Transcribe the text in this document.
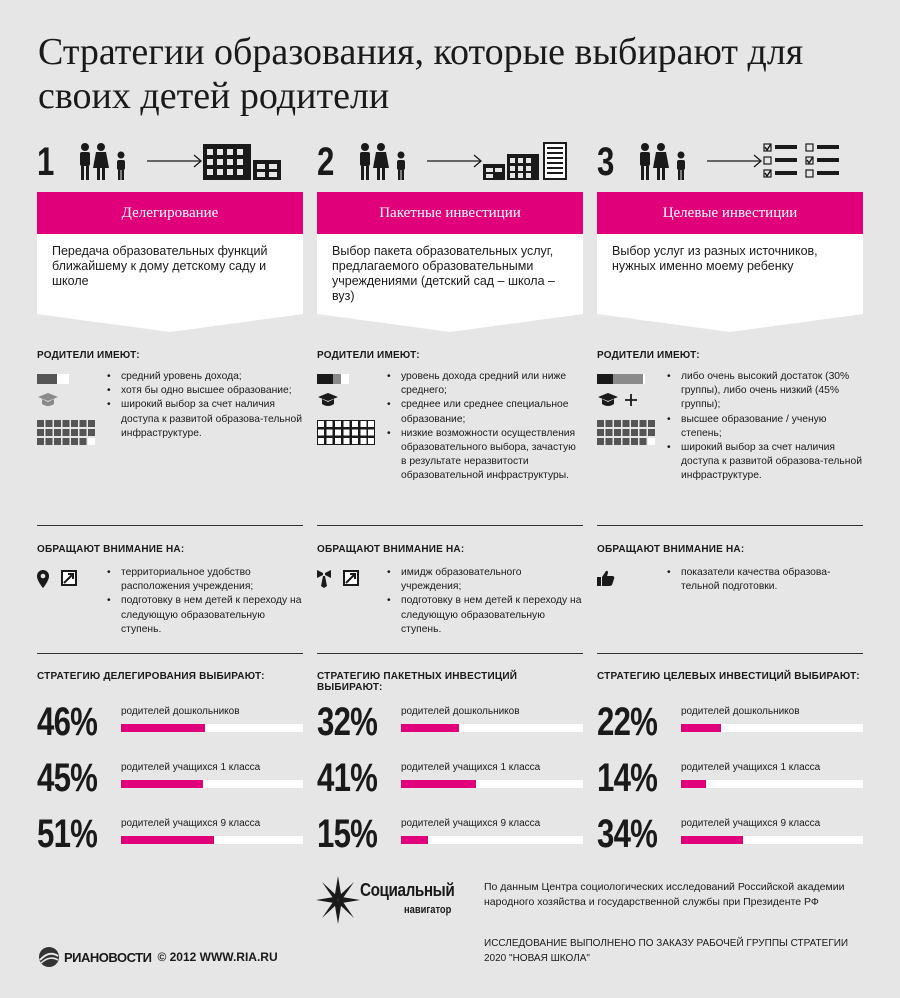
Стратегии образования, которые выбирают для своих детей родители
1
Делегирование
Передача образовательных функций ближайшему к дому детскому саду и школе
РОДИТЕЛИ ИМЕЮТ:
• средний уровень дохода;
• хотя бы одно высшее образование;
• широкий выбор за счет наличия доступа к развитой образова-тельной инфраструктуре.
ОБРАЩАЮТ ВНИМАНИЕ НА:
• территориальное удобство расположения учреждения;
• подготовку в нем детей к переходу на следующую образовательную ступень.
СТРАТЕГИЮ ДЕЛЕГИРОВАНИЯ ВЫБИРАЮТ:
46% родителей дошкольников
45% родителей учащихся 1 класса
51% родителей учащихся 9 класса
2
Пакетные инвестиции
Выбор пакета образовательных услуг, предлагаемого образовательными учреждениями (детский сад – школа – вуз)
РОДИТЕЛИ ИМЕЮТ:
• уровень дохода средний или ниже среднего;
• среднее или среднее специальное образование;
• низкие возможности осуществления образовательного выбора, зачастую в результате неразвитости образовательной инфраструктуры.
ОБРАЩАЮТ ВНИМАНИЕ НА:
• имидж образовательного учреждения;
• подготовку в нем детей к переходу на следующую образовательную ступень.
СТРАТЕГИЮ ПАКЕТНЫХ ИНВЕСТИЦИЙ ВЫБИРАЮТ:
32% родителей дошкольников
41% родителей учащихся 1 класса
15% родителей учащихся 9 класса
3
Целевые инвестиции
Выбор услуг из разных источников, нужных именно моему ребенку
РОДИТЕЛИ ИМЕЮТ:
• либо очень высокий достаток (30% группы), либо очень низкий (45% группы);
• высшее образование / ученую степень;
• широкий выбор за счет наличия доступа к развитой образова-тельной инфраструктуре.
ОБРАЩАЮТ ВНИМАНИЕ НА:
• показатели качества образова-тельной подготовки.
СТРАТЕГИЮ ЦЕЛЕВЫХ ИНВЕСТИЦИЙ ВЫБИРАЮТ:
22% родителей дошкольников
14% родителей учащихся 1 класса
34% родителей учащихся 9 класса
Социальный
навигатор
По данным Центра социологических исследований Российской академии народного хозяйства и государственной службы при Президенте РФ
ИССЛЕДОВАНИЕ ВЫПОЛНЕНО ПО ЗАКАЗУ РАБОЧЕЙ ГРУППЫ СТРАТЕГИИ 2020 "НОВАЯ ШКОЛА"
РИАНОВОСТИ © 2012 WWW.RIA.RU
